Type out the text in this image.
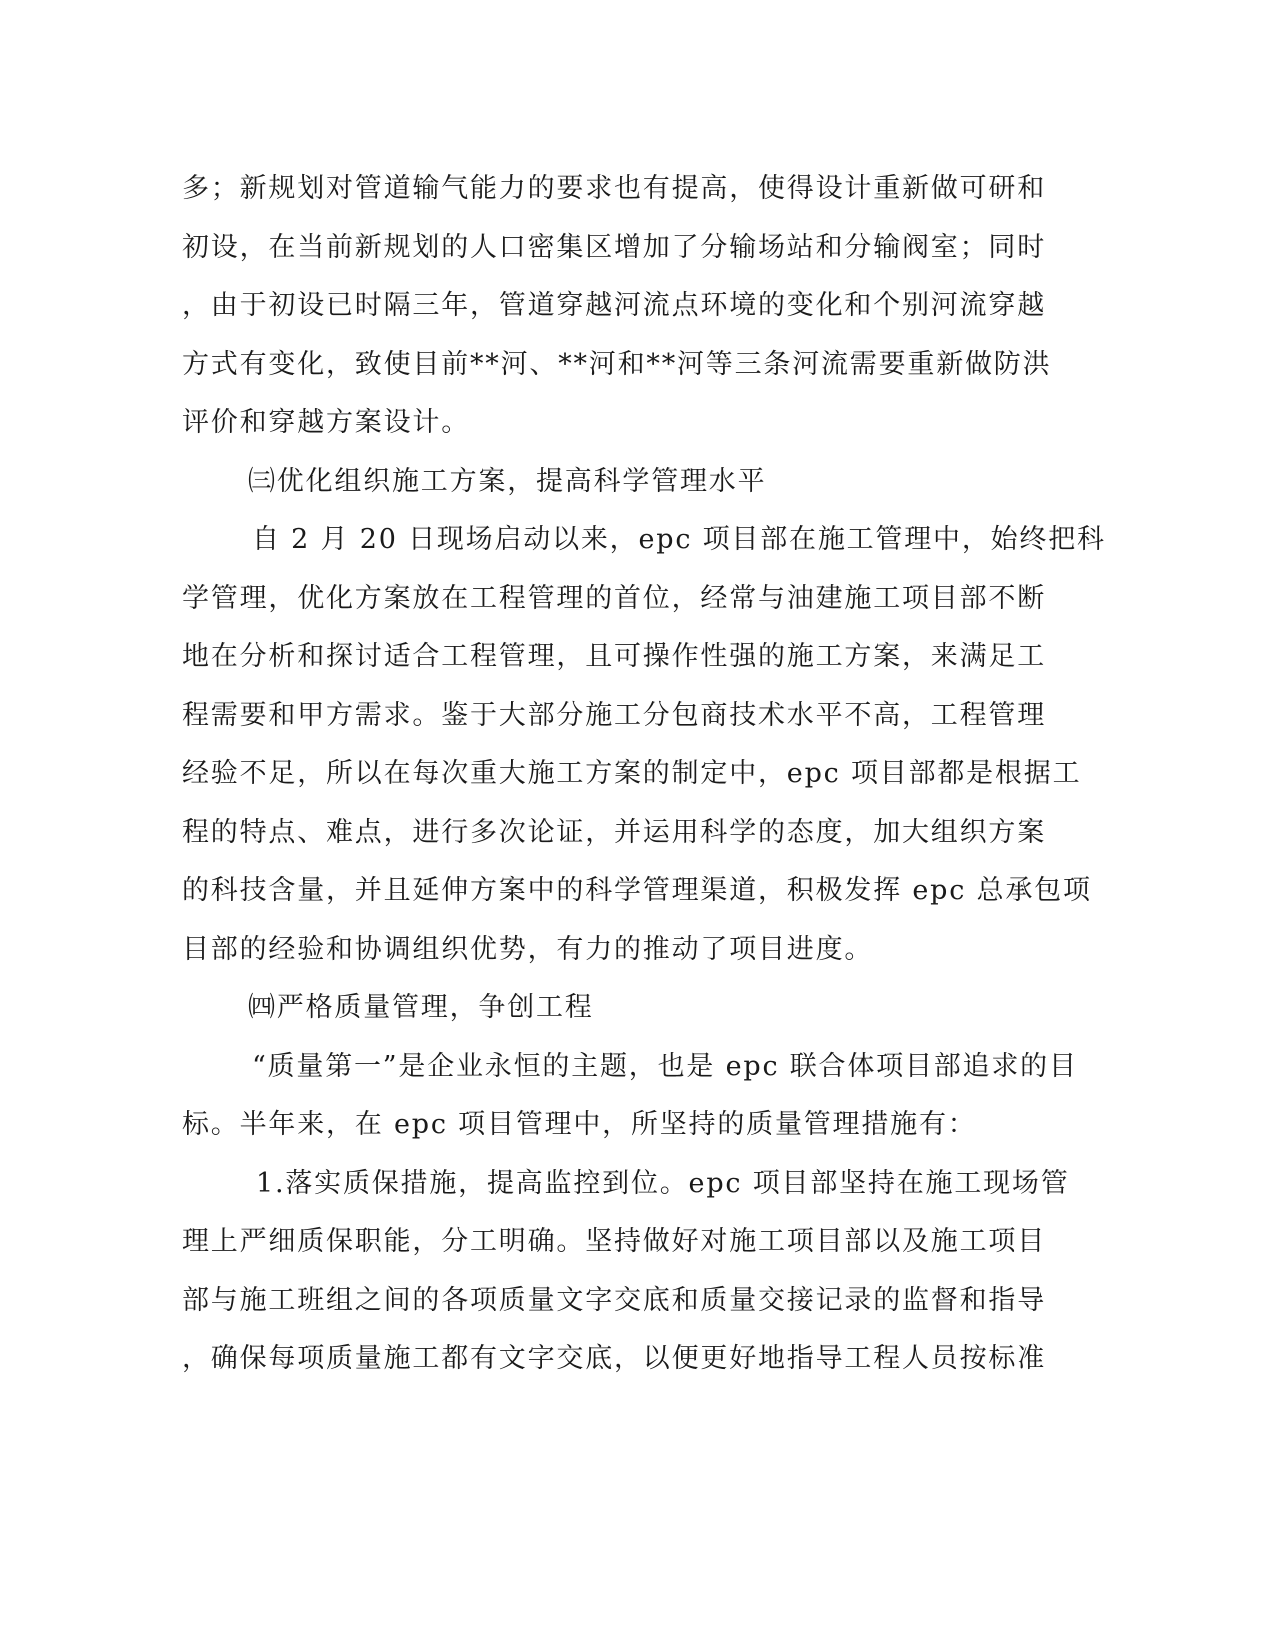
多；新规划对管道输气能力的要求也有提高，使得设计重新做可研和
初设，在当前新规划的人口密集区增加了分输场站和分输阀室；同时
，由于初设已时隔三年，管道穿越河流点环境的变化和个别河流穿越
方式有变化，致使目前**河、**河和**河等三条河流需要重新做防洪
评价和穿越方案设计。
㈢优化组织施工方案，提高科学管理水平
自 2 月 20 日现场启动以来，epc 项目部在施工管理中，始终把科
学管理，优化方案放在工程管理的首位，经常与油建施工项目部不断
地在分析和探讨适合工程管理，且可操作性强的施工方案，来满足工
程需要和甲方需求。鉴于大部分施工分包商技术水平不高，工程管理
经验不足，所以在每次重大施工方案的制定中，epc 项目部都是根据工
程的特点、难点，进行多次论证，并运用科学的态度，加大组织方案
的科技含量，并且延伸方案中的科学管理渠道，积极发挥 epc 总承包项
目部的经验和协调组织优势，有力的推动了项目进度。
㈣严格质量管理，争创工程
“质量第一”是企业永恒的主题，也是 epc 联合体项目部追求的目
标。半年来，在 epc 项目管理中，所坚持的质量管理措施有：
1.落实质保措施，提高监控到位。epc 项目部坚持在施工现场管
理上严细质保职能，分工明确。坚持做好对施工项目部以及施工项目
部与施工班组之间的各项质量文字交底和质量交接记录的监督和指导
，确保每项质量施工都有文字交底，以便更好地指导工程人员按标准
